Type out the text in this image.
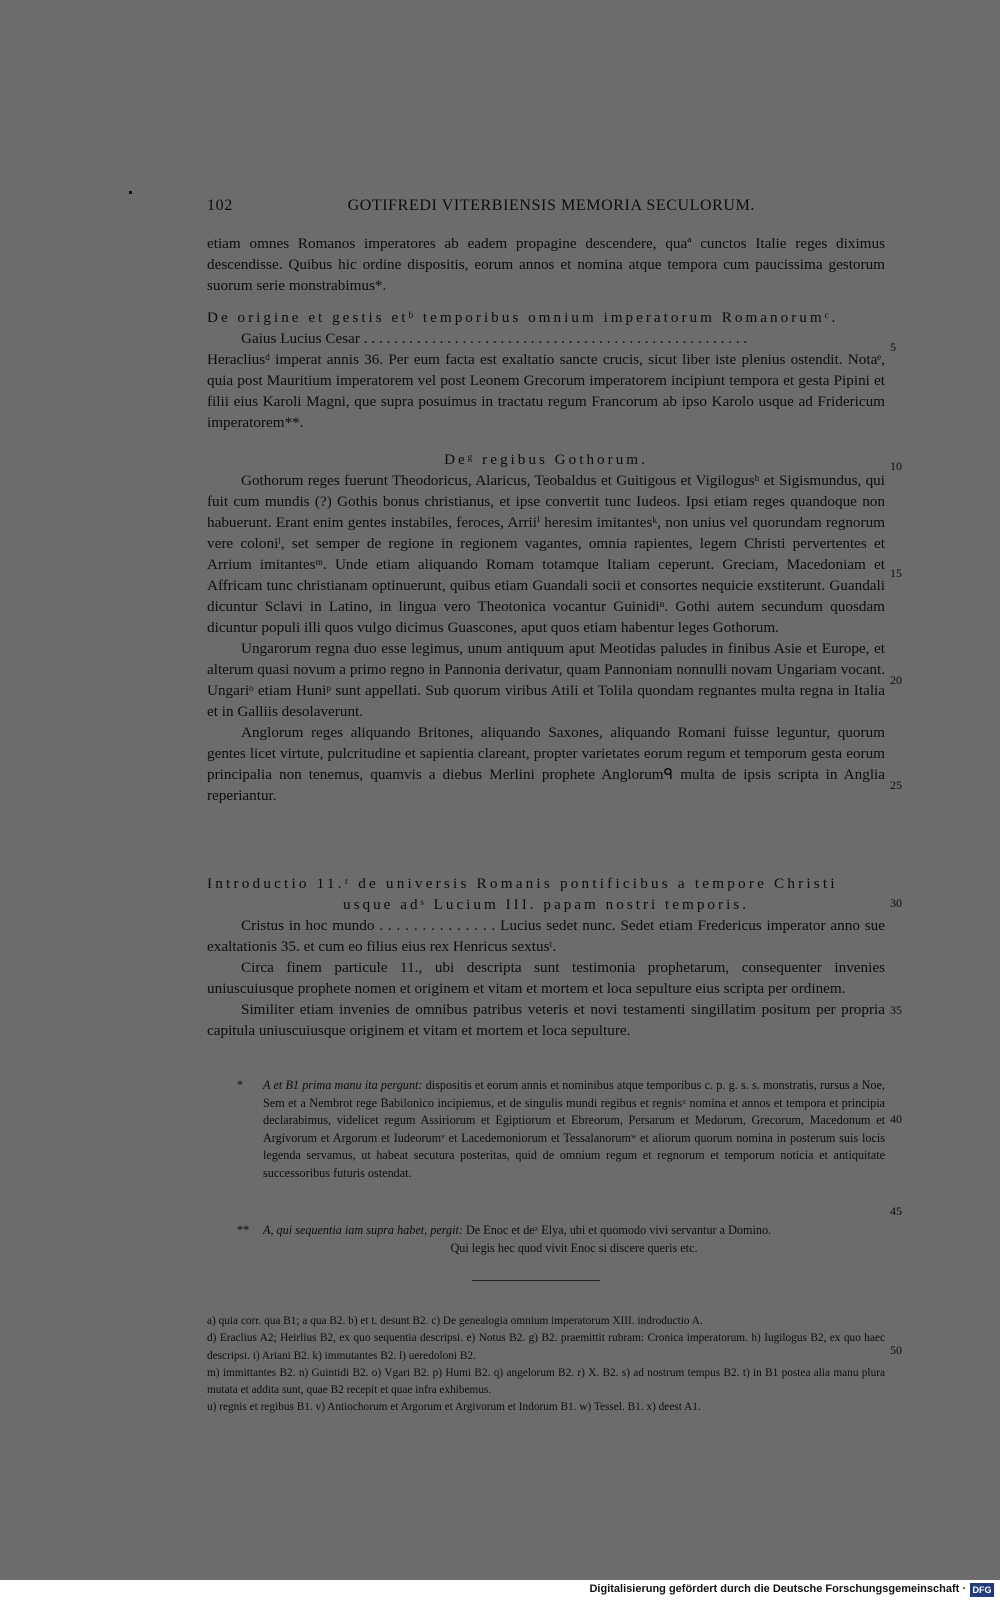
102	GOTIFREDI VITERBIENSIS MEMORIA SECULORUM.

etiam omnes Romanos imperatores ab eadem propagine descendere, quaª cunctos Italie reges diximus descendisse. Quibus hic ordine dispositis, eorum annos et nomina atque tempora cum paucissima gestorum suorum serie monstrabimus*.

De origine et gestis etᵇ temporibus omnium imperatorum Romanorumᶜ.

Gaius Lucius Cesar . . . . . . . . . . . . . . . . . . . . . . . . . . . . . . . . . . . . . . . . . . . . . . . . . . .

Heracliusᵈ imperat annis 36. Per eum facta est exaltatio sancte crucis, sicut liber iste plenius ostendit. Notaᵉ, quia post Mauritium imperatorem vel post Leonem Grecorum imperatorem incipiunt tempora et gesta Pipini et filii eius Karoli Magni, que supra posuimus in tractatu regum Francorum ab ipso Karolo usque ad Fridericum imperatorem**.

Deᵍ regibus Gothorum.

Gothorum reges fuerunt Theodoricus, Alaricus, Teobaldus et Guitigous et Vigilogusʰ et Sigismundus, qui fuit cum mundis (?) Gothis bonus christianus, et ipse convertit tunc Iudeos. Ipsi etiam reges quandoque non habuerunt. Erant enim gentes instabiles, feroces, Arriiⁱ heresim imitantesᵏ, non unius vel quorundam regnorum vere coloniˡ, set semper de regione in regionem vagantes, omnia rapientes, legem Christi pervertentes et Arrium imitantesᵐ. Unde etiam aliquando Romam totamque Italiam ceperunt. Greciam, Macedoniam et Affricam tunc christianam optinuerunt, quibus etiam Guandali socii et consortes nequicie exstiterunt. Guandali dicuntur Sclavi in Latino, in lingua vero Theotonica vocantur Guinidiⁿ. Gothi autem secundum quosdam dicuntur populi illi quos vulgo dicimus Guascones, aput quos etiam habentur leges Gothorum.

Ungarorum regna duo esse legimus, unum antiquum aput Meotidas paludes in finibus Asie et Europe, et alterum quasi novum a primo regno in Pannonia derivatur, quam Pannoniam nonnulli novam Ungariam vocant. Ungariᵒ etiam Huniᵖ sunt appellati. Sub quorum viribus Atili et Tolila quondam regnantes multa regna in Italia et in Galliis desolaverunt.

Anglorum reges aliquando Britones, aliquando Saxones, aliquando Romani fuisse leguntur, quorum gentes licet virtute, pulcritudine et sapientia clareant, propter varietates eorum regum et temporum gesta eorum principalia non tenemus, quamvis a diebus Merlini prophete Anglorumᑫ multa de ipsis scripta in Anglia reperiantur.

Introductio 11.ʳ de universis Romanis pontificibus a tempore Christi

usque adˢ Lucium III. papam nostri temporis.

Cristus in hoc mundo . . . . . . . . . . . . . . Lucius sedet nunc. Sedet etiam Fredericus imperator anno sue exaltationis 35. et cum eo filius eius rex Henricus sextusᵗ.

Circa finem particule 11., ubi descripta sunt testimonia prophetarum, consequenter invenies uniuscuiusque prophete nomen et originem et vitam et mortem et loca sepulture eius scripta per ordinem.

Similiter etiam invenies de omnibus patribus veteris et novi testamenti singillatim positum per propria capitula uniuscuiusque originem et vitam et mortem et loca sepulture.

5
10
15
20
25
30
35
40
45
50
* A et B1 prima manu ita pergunt: dispositis et eorum annis et nominibus atque temporibus c. p. g. s. s. monstratis, rursus a Noe, Sem et a Nembrot rege Babilonico incipiemus, et de singulis mundi regibus et regnisᵘ nomina et annos et tempora et principia declarabimus, videlicet regum Assiriorum et Egiptiorum et Ebreorum, Persarum et Medorum, Grecorum, Macedonum et Argivorum et Argorum et Iudeorumᵛ et Lacedemoniorum et Tessalanorumʷ et aliorum quorum nomina in posterum suis locis legenda servamus, ut habeat secutura posteritas, quid de omnium regum et regnorum et temporum noticia et antiquitate successoribus futuris ostendat.

** A, qui sequentia iam supra habet, pergit: De Enoc et deˣ Elya, ubi et quomodo vivi servantur a Domino.

Qui legis hec quod vivit Enoc si discere queris etc.

a) quia corr. qua B1; a qua B2. b) et t. desunt B2. c) De genealogia omnium imperatorum XIII. indroductio A.

d) Eraclius A2; Heirlius B2, ex quo sequentia descripsi. e) Notus B2. g) B2. praemittit rubram: Cronica imperatorum. h) Iugilogus B2, ex quo haec descripsi. i) Ariani B2. k) immutantes B2. l) ueredoloni B2.

m) immittantes B2. n) Guintidi B2. o) Vgari B2. p) Humi B2. q) angelorum B2. r) X. B2. s) ad nostrum tempus B2. t) in B1 postea alia manu plura mutata et addita sunt, quae B2 recepit et quae infra exhibemus.

u) regnis et regibus B1. v) Antiochorum et Argorum et Argivorum et Indorum B1. w) Tessel. B1. x) deest A1.

Digitalisierung gefördert durch die Deutsche Forschungsgemeinschaft · DFG
